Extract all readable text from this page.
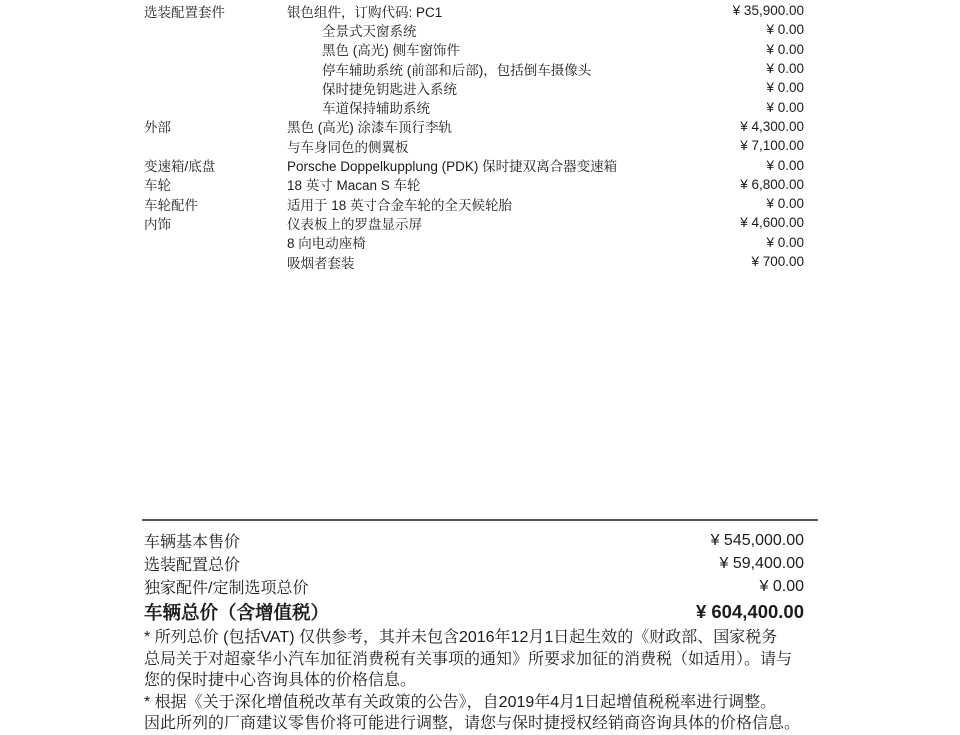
选装配置套件	银色组件，订购代码: PC1	¥ 35,900.00
全景式天窗系统	¥ 0.00
黑色 (高光) 侧车窗饰件	¥ 0.00
停车辅助系统 (前部和后部)，包括倒车摄像头	¥ 0.00
保时捷免钥匙进入系统	¥ 0.00
车道保持辅助系统	¥ 0.00
外部	黑色 (高光) 涂漆车顶行李轨	¥ 4,300.00
与车身同色的侧翼板	¥ 7,100.00
变速箱/底盘	Porsche Doppelkupplung (PDK) 保时捷双离合器变速箱	¥ 0.00
车轮	18 英寸 Macan S 车轮	¥ 6,800.00
车轮配件	适用于 18 英寸合金车轮的全天候轮胎	¥ 0.00
内饰	仪表板上的罗盘显示屏	¥ 4,600.00
8 向电动座椅	¥ 0.00
吸烟者套装	¥ 700.00
车辆基本售价	¥ 545,000.00
选装配置总价	¥ 59,400.00
独家配件/定制选项总价	¥ 0.00
车辆总价（含增值税）	¥ 604,400.00
* 所列总价 (包括VAT) 仅供参考，其并未包含2016年12月1日起生效的《财政部、国家税务
总局关于对超豪华小汽车加征消费税有关事项的通知》所要求加征的消费税（如适用）。请与
您的保时捷中心咨询具体的价格信息。
* 根据《关于深化增值税改革有关政策的公告》，自2019年4月1日起增值税税率进行调整。
因此所列的厂商建议零售价将可能进行调整，请您与保时捷授权经销商咨询具体的价格信息。
